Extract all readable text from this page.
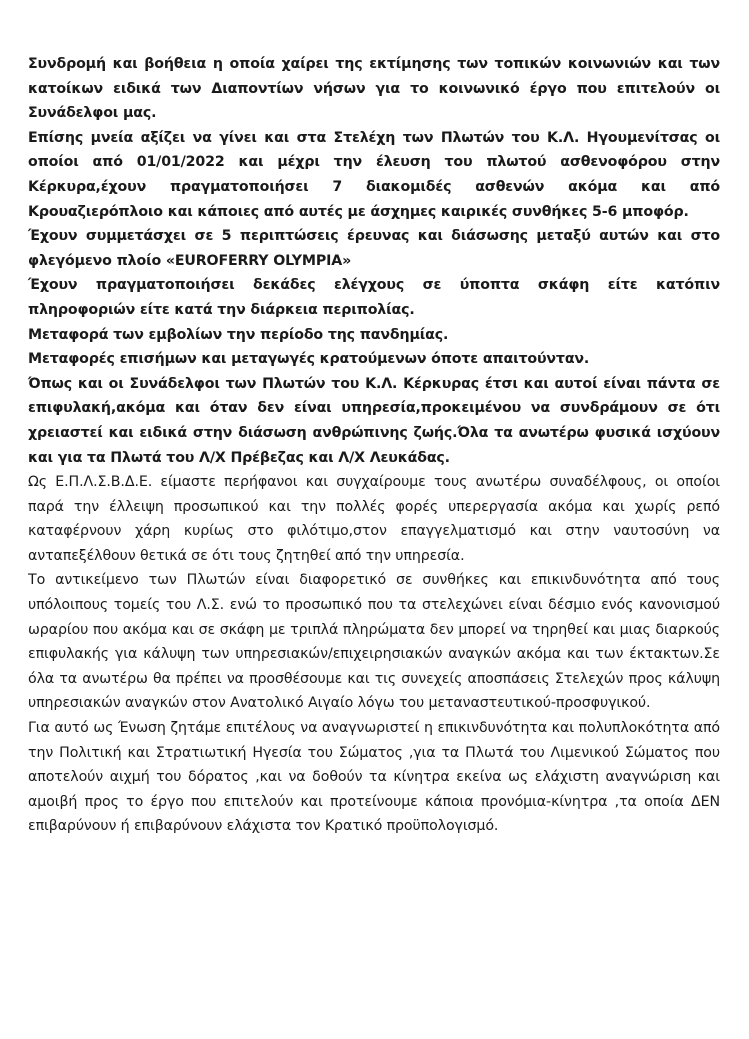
Συνδρομή και βοήθεια η οποία χαίρει της εκτίμησης των τοπικών κοινωνιών και των κατοίκων ειδικά των Διαποντίων νήσων για το κοινωνικό έργο που επιτελούν οι Συνάδελφοι μας.

Επίσης μνεία αξίζει να γίνει και στα Στελέχη των Πλωτών του Κ.Λ. Ηγουμενίτσας οι οποίοι από 01/01/2022 και μέχρι την έλευση του πλωτού ασθενοφόρου στην Κέρκυρα,έχουν πραγματοποιήσει 7 διακομιδές ασθενών ακόμα και από Κρουαζιερόπλοιο και κάποιες από αυτές με άσχημες καιρικές συνθήκες 5-6 μποφόρ.

Έχουν συμμετάσχει σε 5 περιπτώσεις έρευνας και διάσωσης μεταξύ αυτών και στο φλεγόμενο πλοίο «EUROFERRY OLYMPIA»

Έχουν πραγματοποιήσει δεκάδες ελέγχους σε ύποπτα σκάφη είτε κατόπιν πληροφοριών είτε κατά την διάρκεια περιπολίας.

Μεταφορά των εμβολίων την περίοδο της πανδημίας.

Μεταφορές επισήμων και μεταγωγές κρατούμενων όποτε απαιτούνταν.

Όπως και οι Συνάδελφοι των Πλωτών του Κ.Λ. Κέρκυρας έτσι και αυτοί είναι πάντα σε επιφυλακή,ακόμα και όταν δεν είναι υπηρεσία,προκειμένου να συνδράμουν σε ότι χρειαστεί και ειδικά στην διάσωση ανθρώπινης ζωής.Όλα τα ανωτέρω φυσικά ισχύουν και για τα Πλωτά του Λ/Χ Πρέβεζας και Λ/Χ Λευκάδας.

Ως Ε.Π.Λ.Σ.Β.Δ.Ε. είμαστε περήφανοι και συγχαίρουμε τους ανωτέρω συναδέλφους, οι οποίοι παρά την έλλειψη προσωπικού και την πολλές φορές υπερεργασία ακόμα και χωρίς ρεπό καταφέρνουν χάρη κυρίως στο φιλότιμο,στον επαγγελματισμό και στην ναυτοσύνη να ανταπεξέλθουν θετικά σε ότι τους ζητηθεί από την υπηρεσία.

Το αντικείμενο των Πλωτών είναι διαφορετικό σε συνθήκες και επικινδυνότητα από τους υπόλοιπους τομείς του Λ.Σ. ενώ το προσωπικό που τα στελεχώνει είναι δέσμιο ενός κανονισμού ωραρίου που ακόμα και σε σκάφη με τριπλά πληρώματα δεν μπορεί να τηρηθεί και μιας διαρκούς επιφυλακής για κάλυψη των υπηρεσιακών/επιχειρησιακών αναγκών ακόμα και των έκτακτων.Σε όλα τα ανωτέρω θα πρέπει να προσθέσουμε και τις συνεχείς αποσπάσεις Στελεχών προς κάλυψη υπηρεσιακών αναγκών στον Ανατολικό Αιγαίο λόγω του μεταναστευτικού-προσφυγικού.

Για αυτό ως Ένωση ζητάμε επιτέλους να αναγνωριστεί η επικινδυνότητα και πολυπλοκότητα από την Πολιτική και Στρατιωτική Ηγεσία του Σώματος ,για τα Πλωτά του Λιμενικού Σώματος που αποτελούν αιχμή του δόρατος ,και να δοθούν τα κίνητρα εκείνα ως ελάχιστη αναγνώριση και αμοιβή προς το έργο που επιτελούν και προτείνουμε κάποια προνόμια-κίνητρα ,τα οποία ΔΕΝ επιβαρύνουν ή επιβαρύνουν ελάχιστα τον Κρατικό προϋπολογισμό.
